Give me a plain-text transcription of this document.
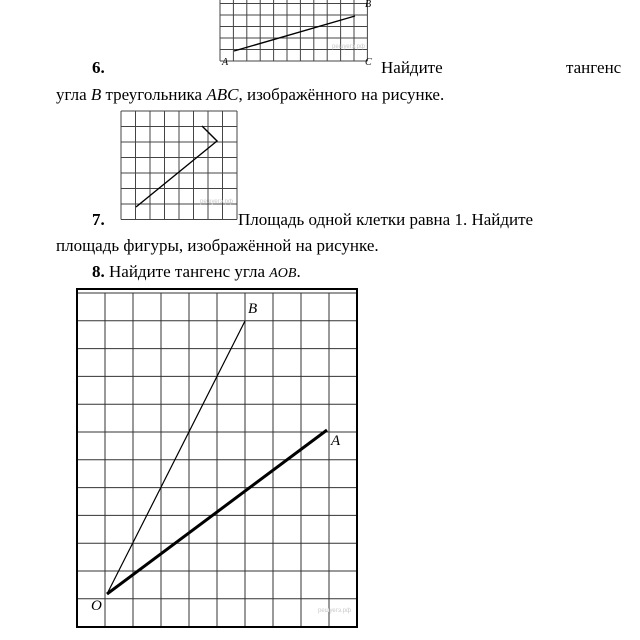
A
B
C
решуегэ.рф
6.	Найдите	тангенс
угла B треугольника ABC, изображённого на рисунке.
решуегэ.рф
7.	Площадь одной клетки равна 1. Найдите
площадь фигуры, изображённой на рисунке.
8. Найдите тангенс угла AOB.
O
A
B
решуегэ.рф
